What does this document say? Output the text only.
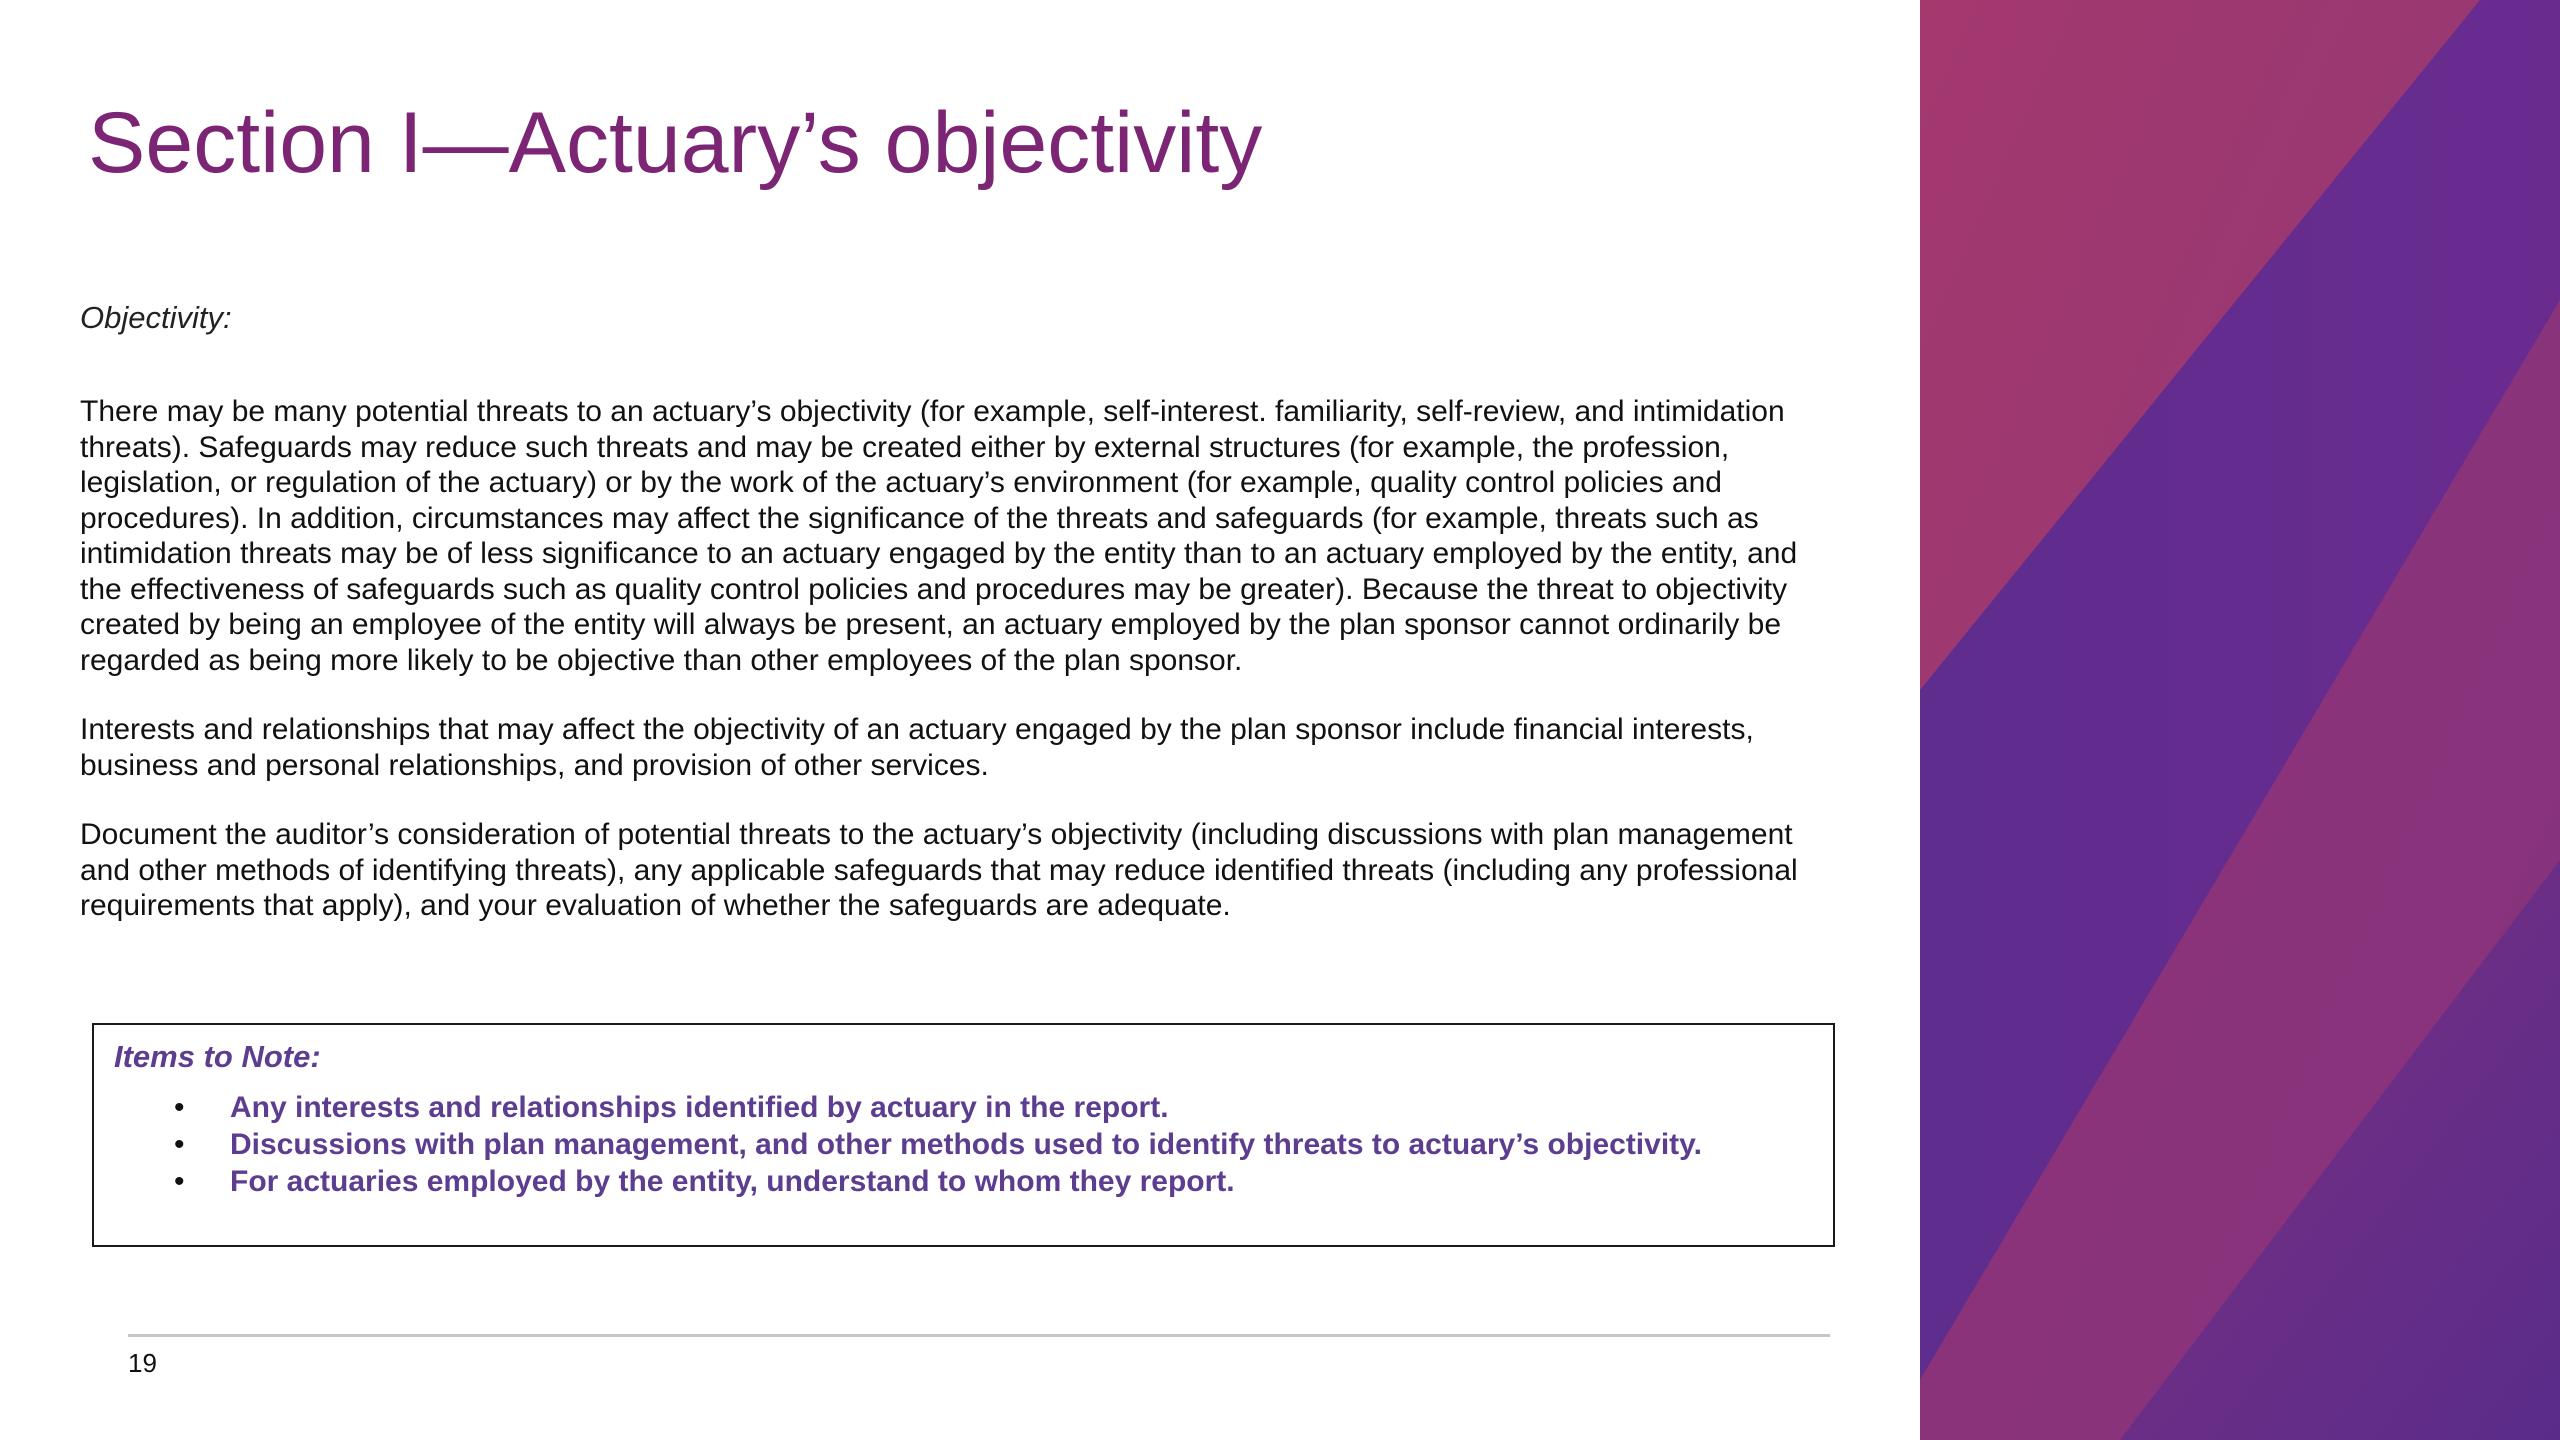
Section I—Actuary’s objectivity
Objectivity:

There may be many potential threats to an actuary’s objectivity (for example, self-interest. familiarity, self-review, and intimidation threats). Safeguards may reduce such threats and may be created either by external structures (for example, the profession, legislation, or regulation of the actuary) or by the work of the actuary’s environment (for example, quality control policies and procedures). In addition, circumstances may affect the significance of the threats and safeguards (for example, threats such as intimidation threats may be of less significance to an actuary engaged by the entity than to an actuary employed by the entity, and the effectiveness of safeguards such as quality control policies and procedures may be greater). Because the threat to objectivity created by being an employee of the entity will always be present, an actuary employed by the plan sponsor cannot ordinarily be regarded as being more likely to be objective than other employees of the plan sponsor.

Interests and relationships that may affect the objectivity of an actuary engaged by the plan sponsor include financial interests, business and personal relationships, and provision of other services.

Document the auditor’s consideration of potential threats to the actuary’s objectivity (including discussions with plan management and other methods of identifying threats), any applicable safeguards that may reduce identified threats (including any professional requirements that apply), and your evaluation of whether the safeguards are adequate.

Items to Note:
• Any interests and relationships identified by actuary in the report.
• Discussions with plan management, and other methods used to identify threats to actuary’s objectivity.
• For actuaries employed by the entity, understand to whom they report.
19
